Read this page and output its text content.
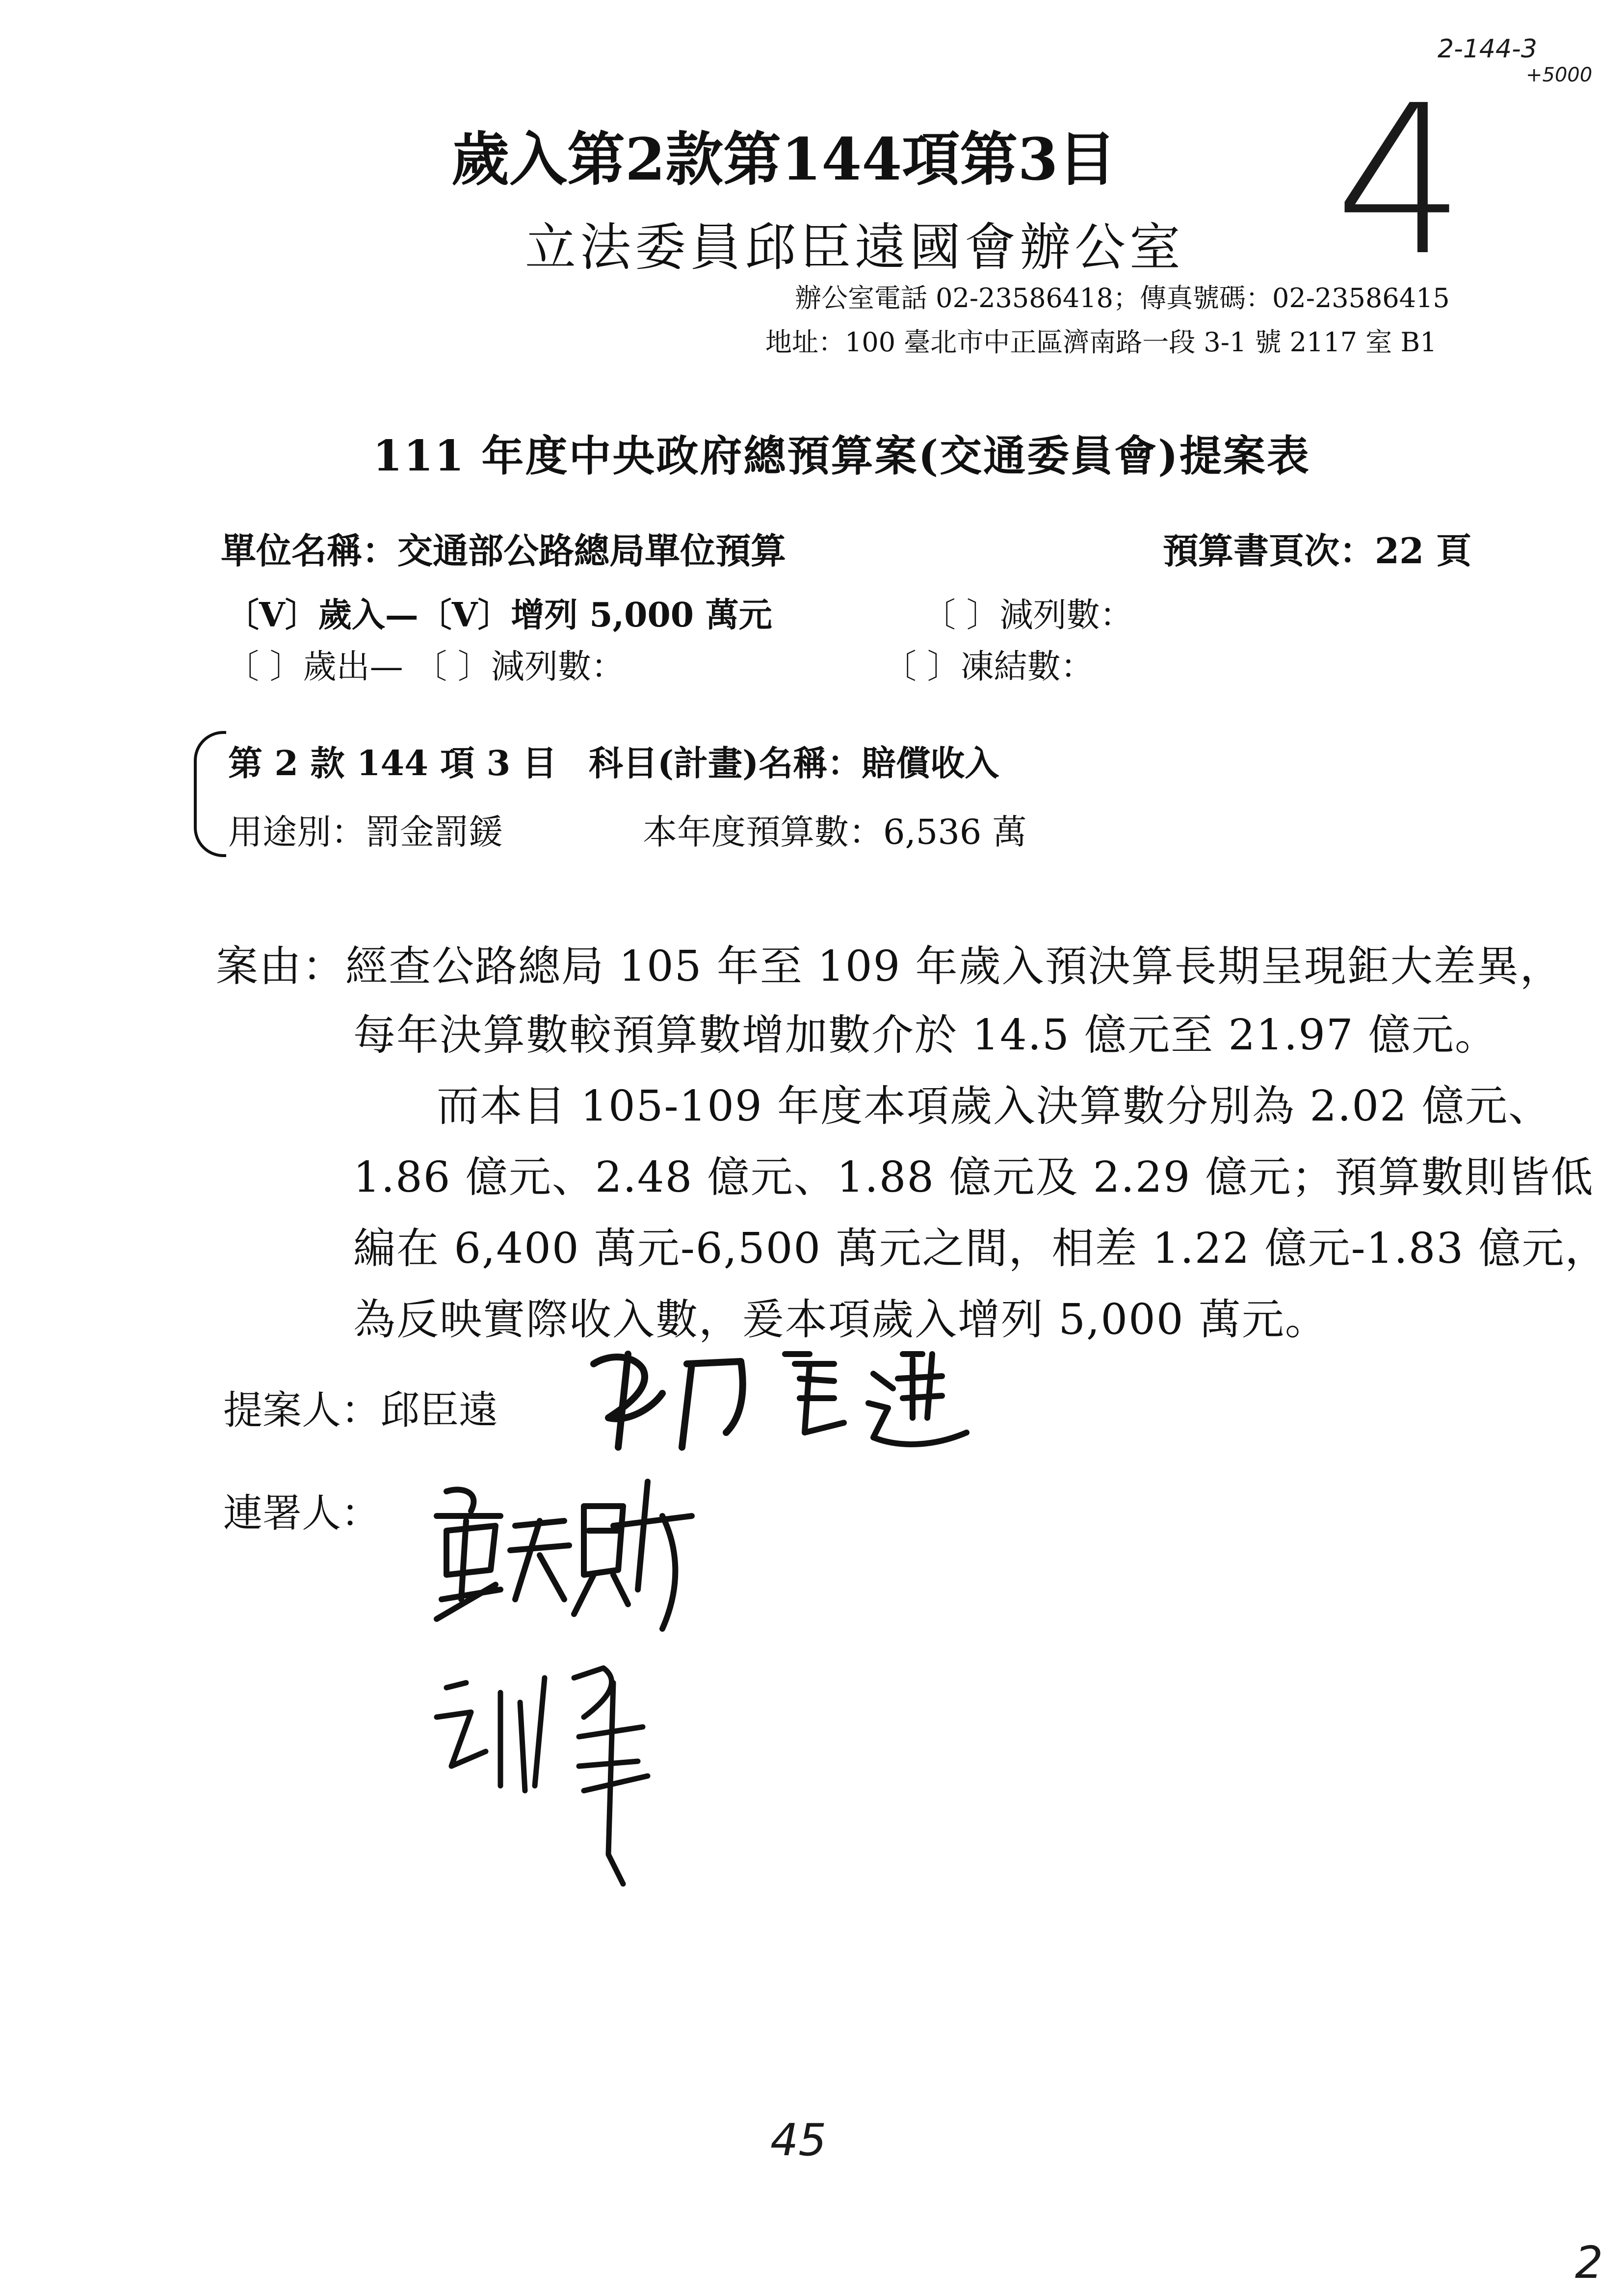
2-144-3
+5000
4
歲入第2款第144項第3目
立法委員邱臣遠國會辦公室
辦公室電話 02-23586418；傳真號碼：02-23586415
地址：100 臺北市中正區濟南路一段 3-1 號 2117 室 B1
111 年度中央政府總預算案(交通委員會)提案表
單位名稱：交通部公路總局單位預算	預算書頁次：22 頁
〔V〕歲入—〔V〕增列 5,000 萬元	〔 〕減列數：
〔 〕歲出— 〔 〕減列數：	〔 〕凍結數：
第 2 款 144 項 3 目 科目(計畫)名稱：賠償收入
用途別：罰金罰鍰	本年度預算數：6,536 萬
案由：經查公路總局 105 年至 109 年歲入預決算長期呈現鉅大差異，
每年決算數較預算數增加數介於 14.5 億元至 21.97 億元。
而本目 105-109 年度本項歲入決算數分別為 2.02 億元、
1.86 億元、2.48 億元、1.88 億元及 2.29 億元；預算數則皆低
編在 6,400 萬元-6,500 萬元之間，相差 1.22 億元-1.83 億元，
為反映實際收入數，爰本項歲入增列 5,000 萬元。
提案人：邱臣遠
連署人：
45
2
